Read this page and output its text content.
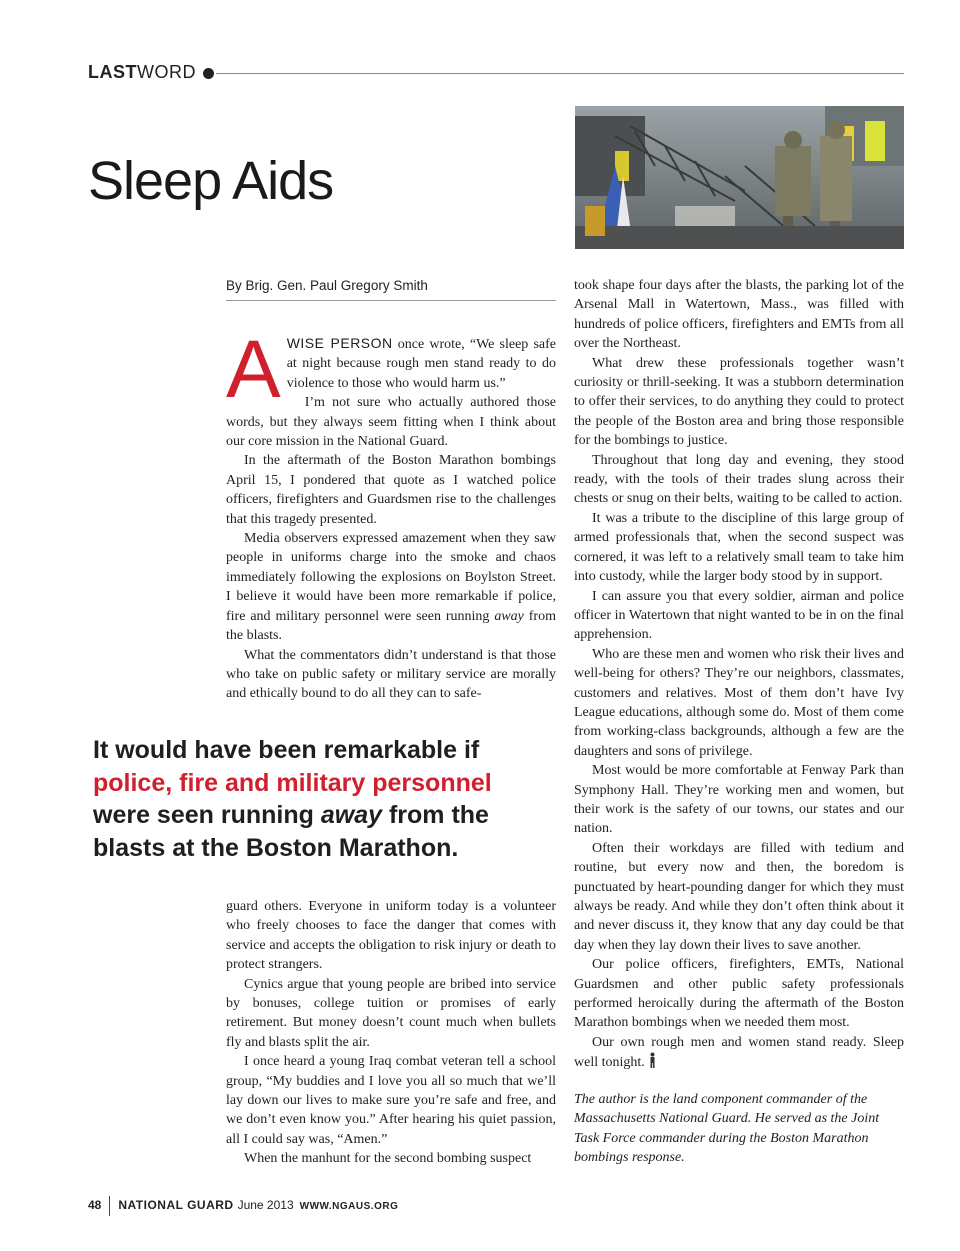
LASTWORD
Sleep Aids
By Brig. Gen. Paul Gregory Smith

AWISE PERSON once wrote, “We sleep safe at night because rough men stand ready to do violence to those who would harm us.”

I’m not sure who actually authored those words, but they always seem fitting when I think about our core mission in the National Guard.

In the aftermath of the Boston Marathon bombings April 15, I pondered that quote as I watched police officers, firefighters and Guardsmen rise to the challenges that this tragedy presented.

Media observers expressed amazement when they saw people in uniforms charge into the smoke and chaos immediately following the explosions on Boylston Street. I believe it would have been more remarkable if police, fire and military personnel were seen running away from the blasts.

What the commentators didn’t understand is that those who take on public safety or military service are morally and ethically bound to do all they can to safe-

It would have been remarkable if police, fire and military personnel were seen running away from the blasts at the Boston Marathon.

guard others. Everyone in uniform today is a volunteer who freely chooses to face the danger that comes with service and accepts the obligation to risk injury or death to protect strangers.

Cynics argue that young people are bribed into service by bonuses, college tuition or promises of early retirement. But money doesn’t count much when bullets fly and blasts split the air.

I once heard a young Iraq combat veteran tell a school group, “My buddies and I love you all so much that we’ll lay down our lives to make sure you’re safe and free, and we don’t even know you.” After hearing his quiet passion, all I could say was, “Amen.”

When the manhunt for the second bombing suspect

took shape four days after the blasts, the parking lot of the Arsenal Mall in Watertown, Mass., was filled with hundreds of police officers, firefighters and EMTs from all over the Northeast.

What drew these professionals together wasn’t curiosity or thrill-seeking. It was a stubborn determination to offer their services, to do anything they could to protect the people of the Boston area and bring those responsible for the bombings to justice.

Throughout that long day and evening, they stood ready, with the tools of their trades slung across their chests or snug on their belts, waiting to be called to action.

It was a tribute to the discipline of this large group of armed professionals that, when the second suspect was cornered, it was left to a relatively small team to take him into custody, while the larger body stood by in support.

I can assure you that every soldier, airman and police officer in Watertown that night wanted to be in on the final apprehension.

Who are these men and women who risk their lives and well-being for others? They’re our neighbors, classmates, customers and relatives. Most of them don’t have Ivy League educations, although some do. Most of them come from working-class backgrounds, although a few are the daughters and sons of privilege.

Most would be more comfortable at Fenway Park than Symphony Hall. They’re working men and women, but their work is the safety of our towns, our states and our nation.

Often their workdays are filled with tedium and routine, but every now and then, the boredom is punctuated by heart-pounding danger for which they must always be ready. And while they don’t often think about it and never discuss it, they know that any day could be that day when they lay down their lives to save another.

Our police officers, firefighters, EMTs, National Guardsmen and other public safety professionals performed heroically during the aftermath of the Boston Marathon bombings when we needed them most.

Our own rough men and women stand ready. Sleep well tonight.

The author is the land component commander of the Massachusetts National Guard. He served as the Joint Task Force commander during the Boston Marathon bombings response.
48 NATIONAL GUARD June 2013 WWW.NGAUS.ORG
